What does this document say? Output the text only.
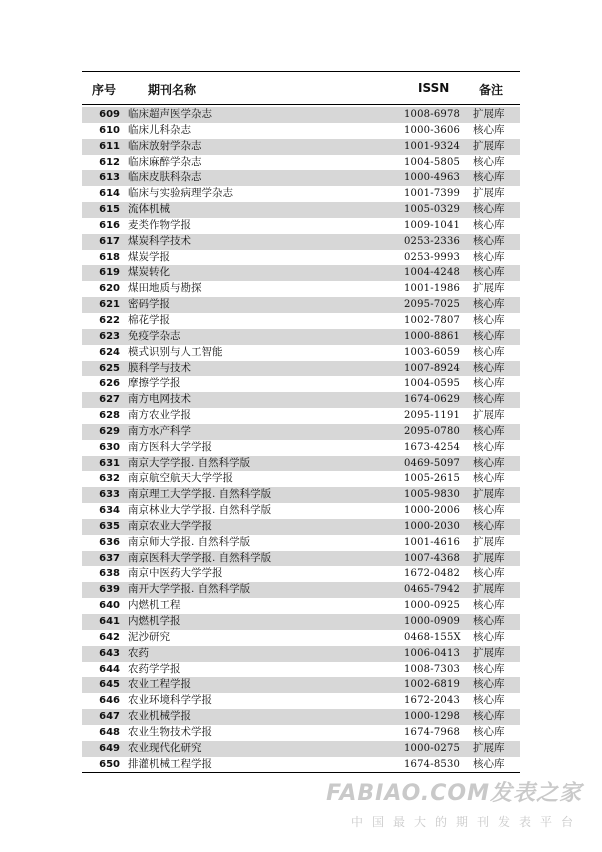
序号	期刊名称	ISSN 备注
609 临床超声医学杂志	1008-6978 扩展库
610 临床儿科杂志	1000-3606 核心库
611 临床放射学杂志	1001-9324 扩展库
612 临床麻醉学杂志	1004-5805 核心库
613 临床皮肤科杂志	1000-4963 核心库
614 临床与实验病理学杂志	1001-7399 扩展库
615 流体机械	1005-0329 核心库
616 麦类作物学报	1009-1041 核心库
617 煤炭科学技术	0253-2336 核心库
618 煤炭学报	0253-9993 核心库
619 煤炭转化	1004-4248 核心库
620 煤田地质与勘探	1001-1986 扩展库
621 密码学报	2095-7025 核心库
622 棉花学报	1002-7807 核心库
623 免疫学杂志	1000-8861 核心库
624 模式识别与人工智能	1003-6059 核心库
625 膜科学与技术	1007-8924 核心库
626 摩擦学学报	1004-0595 核心库
627 南方电网技术	1674-0629 核心库
628 南方农业学报	2095-1191 扩展库
629 南方水产科学	2095-0780 核心库
630 南方医科大学学报	1673-4254 核心库
631 南京大学学报. 自然科学版	0469-5097 核心库
632 南京航空航天大学学报	1005-2615 核心库
633 南京理工大学学报. 自然科学版	1005-9830 扩展库
634 南京林业大学学报. 自然科学版	1000-2006 核心库
635 南京农业大学学报	1000-2030 核心库
636 南京师大学报. 自然科学版	1001-4616 扩展库
637 南京医科大学学报. 自然科学版	1007-4368 扩展库
638 南京中医药大学学报	1672-0482 核心库
639 南开大学学报. 自然科学版	0465-7942 扩展库
640 内燃机工程	1000-0925 核心库
641 内燃机学报	1000-0909 核心库
642 泥沙研究	0468-155X 核心库
643 农药	1006-0413 扩展库
644 农药学学报	1008-7303 核心库
645 农业工程学报	1002-6819 核心库
646 农业环境科学学报	1672-2043 核心库
647 农业机械学报	1000-1298 核心库
648 农业生物技术学报	1674-7968 核心库
649 农业现代化研究	1000-0275 扩展库
650 排灌机械工程学报	1674-8530 核心库
FABIAO.COM发表之家
中国最大的期刊发表平台
